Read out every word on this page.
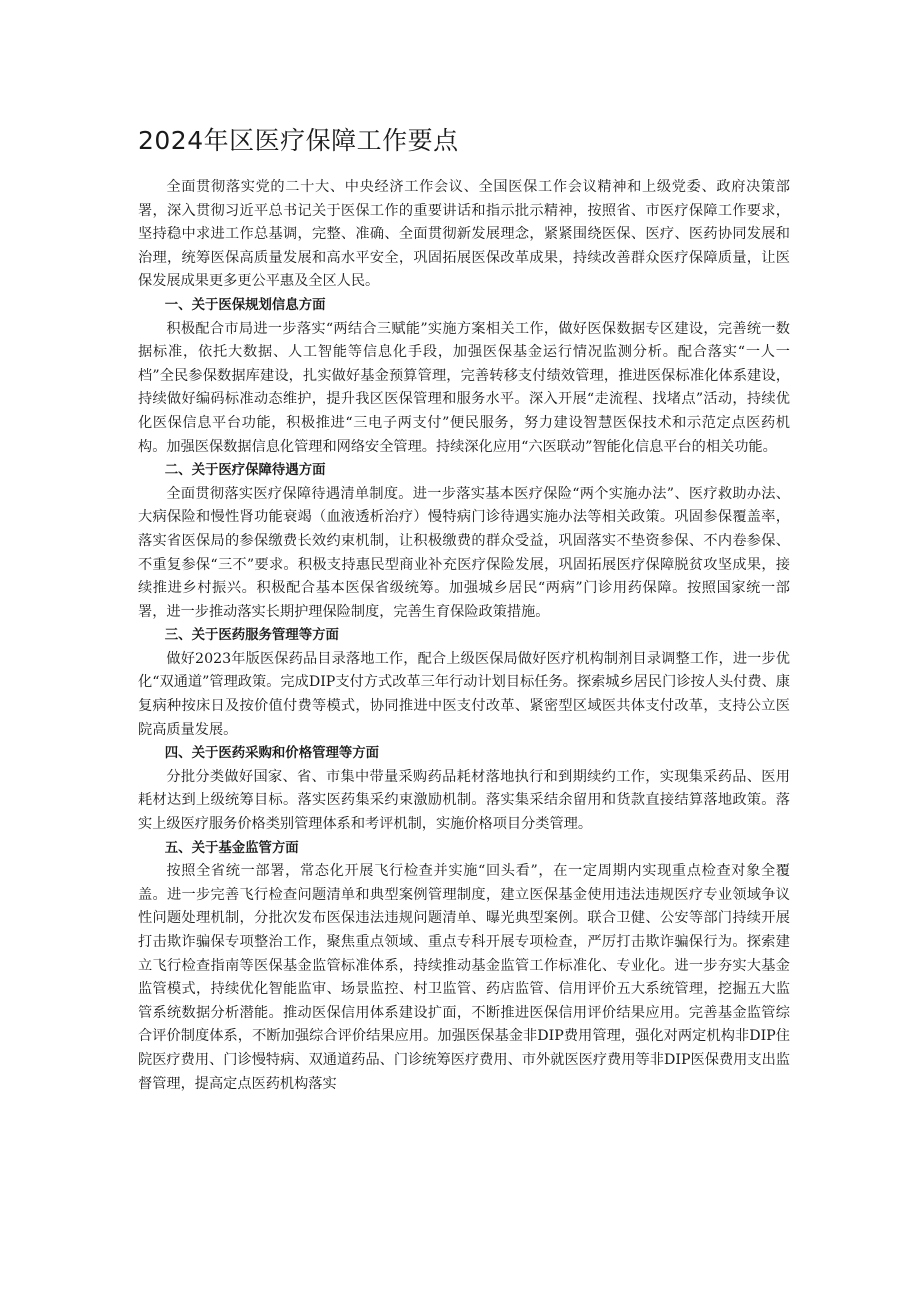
2024年区医疗保障工作要点

全面贯彻落实党的二十大、中央经济工作会议、全国医保工作会议精神和上级党委、政府决策部署，深入贯彻习近平总书记关于医保工作的重要讲话和指示批示精神，按照省、市医疗保障工作要求，坚持稳中求进工作总基调，完整、准确、全面贯彻新发展理念，紧紧围绕医保、医疗、医药协同发展和治理，统筹医保高质量发展和高水平安全，巩固拓展医保改革成果，持续改善群众医疗保障质量，让医保发展成果更多更公平惠及全区人民。

一、关于医保规划信息方面

积极配合市局进一步落实“两结合三赋能”实施方案相关工作，做好医保数据专区建设，完善统一数据标准，依托大数据、人工智能等信息化手段，加强医保基金运行情况监测分析。配合落实“一人一档”全民参保数据库建设，扎实做好基金预算管理，完善转移支付绩效管理，推进医保标准化体系建设，持续做好编码标准动态维护，提升我区医保管理和服务水平。深入开展“走流程、找堵点”活动，持续优化医保信息平台功能，积极推进“三电子两支付”便民服务，努力建设智慧医保技术和示范定点医药机构。加强医保数据信息化管理和网络安全管理。持续深化应用“六医联动”智能化信息平台的相关功能。

二、关于医疗保障待遇方面

全面贯彻落实医疗保障待遇清单制度。进一步落实基本医疗保险“两个实施办法”、医疗救助办法、大病保险和慢性肾功能衰竭（血液透析治疗）慢特病门诊待遇实施办法等相关政策。巩固参保覆盖率，落实省医保局的参保缴费长效约束机制，让积极缴费的群众受益，巩固落实不垫资参保、不内卷参保、不重复参保“三不”要求。积极支持惠民型商业补充医疗保险发展，巩固拓展医疗保障脱贫攻坚成果，接续推进乡村振兴。积极配合基本医保省级统筹。加强城乡居民“两病”门诊用药保障。按照国家统一部署，进一步推动落实长期护理保险制度，完善生育保险政策措施。

三、关于医药服务管理等方面

做好2023年版医保药品目录落地工作，配合上级医保局做好医疗机构制剂目录调整工作，进一步优化“双通道”管理政策。完成DIP支付方式改革三年行动计划目标任务。探索城乡居民门诊按人头付费、康复病种按床日及按价值付费等模式，协同推进中医支付改革、紧密型区域医共体支付改革，支持公立医院高质量发展。

四、关于医药采购和价格管理等方面

分批分类做好国家、省、市集中带量采购药品耗材落地执行和到期续约工作，实现集采药品、医用耗材达到上级统筹目标。落实医药集采约束激励机制。落实集采结余留用和货款直接结算落地政策。落实上级医疗服务价格类别管理体系和考评机制，实施价格项目分类管理。

五、关于基金监管方面

按照全省统一部署，常态化开展飞行检查并实施“回头看”，在一定周期内实现重点检查对象全覆盖。进一步完善飞行检查问题清单和典型案例管理制度，建立医保基金使用违法违规医疗专业领域争议性问题处理机制，分批次发布医保违法违规问题清单、曝光典型案例。联合卫健、公安等部门持续开展打击欺诈骗保专项整治工作，聚焦重点领域、重点专科开展专项检查，严厉打击欺诈骗保行为。探索建立飞行检查指南等医保基金监管标准体系，持续推动基金监管工作标准化、专业化。进一步夯实大基金监管模式，持续优化智能监审、场景监控、村卫监管、药店监管、信用评价五大系统管理，挖掘五大监管系统数据分析潜能。推动医保信用体系建设扩面，不断推进医保信用评价结果应用。完善基金监管综合评价制度体系，不断加强综合评价结果应用。加强医保基金非DIP费用管理，强化对两定机构非DIP住院医疗费用、门诊慢特病、双通道药品、门诊统筹医疗费用、市外就医医疗费用等非DIP医保费用支出监督管理，提高定点医药机构落实
